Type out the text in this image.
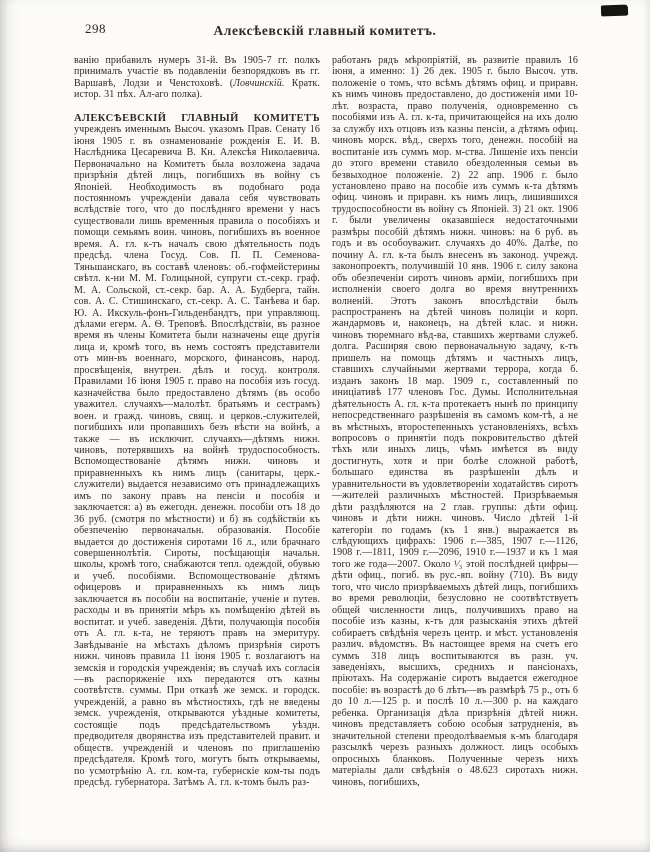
298	Алексѣевскій главный комитетъ.

ванію прибавилъ нумеръ 31-й. Въ 1905-7 гг. полкъ принималъ участіе въ подавленіи безпорядковъ въ гг. Варшавѣ, Лодзи и Ченстоховѣ. (Ловчинскій. Кратк. истор. 31 пѣх. Ал-аго полка).

АЛЕКСѢЕВСКІЙ ГЛАВНЫЙ КОМИТЕТЪ учрежденъ именнымъ Высоч. указомъ Прав. Сенату 16 іюня 1905 г. въ ознаменованіе рожденія Е. И. В. Наслѣдника Цесаревича В. Кн. Алексѣя Николаевича. Первоначально на Комитетъ была возложена задача призрѣнія дѣтей лицъ, погибшихъ въ войну съ Японіей. Необходимость въ подобнаго рода постоянномъ учрежденіи давала себя чувствовать вслѣдствіе того, что до послѣдняго времени у насъ существовали лишь временныя правила о пособіяхъ и помощи семьямъ воин. чиновъ, погибшихъ въ военное время. А. гл. к-тъ началъ свою дѣятельность подъ предсѣд. члена Госуд. Сов. П. П. Семенова-Тяньшанскаго, въ составѣ членовъ: об.-гофмейстерины свѣтл. к-ни М. М. Голицыной, супруги ст.-секр. граф. М. А. Сольской, ст.-секр. бар. А. А. Будберга, тайн. сов. А. С. Стишинскаго, ст.-секр. А. С. Танѣева и бар. Ю. А. Икскуль-фонъ-Гильденбандтъ, при управляющ. дѣлами егерм. А. Ѳ. Треповѣ. Впослѣдствіи, въ разное время въ члены Комитета были назначены еще другія лица и, кромѣ того, въ немъ состоятъ представители отъ мин-въ военнаго, морского, финансовъ, народ. просвѣщенія, внутрен. дѣлъ и госуд. контроля. Правилами 16 іюня 1905 г. право на пособія изъ госуд. казначейства было предоставлено дѣтямъ (въ особо уважител. случаяхъ—малолѣт. братьямъ и сестрамъ) воен. и гражд. чиновъ, свящ. и церков.-служителей, погибшихъ или пропавшихъ безъ вѣсти на войнѣ, а также — въ исключит. случаяхъ—дѣтямъ нижн. чиновъ, потерявшихъ на войнѣ трудоспособность. Вспомоществованіе дѣтямъ нижн. чиновъ и приравненныхъ къ нимъ лицъ (санитары, церк.-служители) выдается независимо отъ принадлежащихъ имъ по закону правъ на пенсіи и пособія и заключается: а) въ ежегодн. денежн. пособіи отъ 18 до 36 руб. (смотря по мѣстности) и б) въ содѣйствіи къ обезпеченію первоначальн. образованія. Пособіе выдается до достиженія сиротами 16 л., или брачнаго совершеннолѣтія. Сироты, посѣщающія начальн. школы, кромѣ того, снабжаются тепл. одеждой, обувью и учеб. пособіями. Вспомоществованіе дѣтямъ офицеровъ и приравненныхъ къ нимъ лицъ заключается въ пособіи на воспитаніе, ученіе и путев. расходы и въ принятіи мѣръ къ помѣщенію дѣтей въ воспитат. и учеб. заведенія. Дѣти, получающія пособія отъ А. гл. к-та, не теряютъ правъ на эмеритуру. Завѣдываніе на мѣстахъ дѣломъ призрѣнія сиротъ нижн. чиновъ правила 11 іюня 1905 г. возлагаютъ на земскія и городскія учрежденія; въ случаѣ ихъ согласія—въ распоряженіе ихъ передаются отъ казны соотвѣтств. суммы. При отказѣ же земск. и городск. учрежденій, а равно въ мѣстностяхъ, гдѣ не введены земск. учрежденія, открываются уѣздные комитеты, состоящіе подъ предсѣдательствомъ уѣздн. предводителя дворянства изъ представителей правит. и обществ. учрежденій и членовъ по приглашенію предсѣдателя. Кромѣ того, могутъ быть открываемы, по усмотрѣнію А. гл. ком-та, губернскіе ком-ты подъ предсѣд. губернатора. Затѣмъ А. гл. к-томъ былъ раз-

работанъ рядъ мѣропріятій, въ развитіе правилъ 16 іюня, а именно: 1) 26 дек. 1905 г. было Высоч. утв. положеніе о томъ, что всѣмъ дѣтямъ офиц. и приравн. къ нимъ чиновъ предоставлено, до достиженія ими 10-лѣт. возраста, право полученія, одновременно съ пособіями изъ А. гл. к-та, причитающейся на ихъ долю за службу ихъ отцовъ изъ казны пенсіи, а дѣтямъ офиц. чиновъ морск. вѣд., сверхъ того, денежн. пособій на воспитаніе изъ суммъ мор. м-ства. Лишеніе ихъ пенсіи до этого времени ставило обездоленныя семьи въ безвыходное положеніе. 2) 22 апр. 1906 г. было установлено право на пособіе изъ суммъ к-та дѣтямъ офиц. чиновъ и приравн. къ нимъ лицъ, лишившихся трудоспособности въ войну съ Японіей. 3) 21 окт. 1906 г. были увеличены оказавшіеся недостаточными размѣры пособій дѣтямъ нижн. чиновъ: на 6 руб. въ годъ и въ особоуважит. случаяхъ до 40%. Далѣе, по почину А. гл. к-та былъ внесенъ въ законод. учрежд. законопроектъ, получившій 10 янв. 1906 г. силу закона объ обезпеченіи сиротъ чиновъ арміи, погибшихъ при исполненіи своего долга во время внутреннихъ волненій. Этотъ законъ впослѣдствіи былъ распространенъ на дѣтей чиновъ полиціи и корп. жандармовъ и, наконецъ, на дѣтей клас. и нижн. чиновъ тюремнаго вѣд-ва, ставшихъ жертвами служеб. долга. Расширяя свою первоначальную задачу, к-тъ пришелъ на помощь дѣтямъ и частныхъ лицъ, ставшихъ случайными жертвами террора, когда б. изданъ законъ 18 мар. 1909 г., составленный по иниціативѣ 177 членовъ Гос. Думы. Исполнительная дѣятельность А. гл. к-та протекаетъ нынѣ по принципу непосредственнаго разрѣшенія въ самомъ ком-тѣ, а не въ мѣстныхъ, второстепенныхъ установленіяхъ, всѣхъ вопросовъ о принятіи подъ покровительство дѣтей тѣхъ или иныхъ лицъ, чѣмъ имѣется въ виду достигнуть, хотя и при болѣе сложной работѣ, большаго единства въ разрѣшеніи дѣлъ и уравнительности въ удовлетвореніи ходатайствъ сиротъ—жителей различныхъ мѣстностей. Призрѣваемыя дѣти раздѣляются на 2 глав. группы: дѣти офиц. чиновъ и дѣти нижн. чиновъ. Число дѣтей 1-й категоріи по годамъ (къ 1 янв.) выражается въ слѣдующихъ цифрахъ: 1906 г.—385, 1907 г.—1126, 1908 г.—1811, 1909 г.—2096, 1910 г.—1937 и къ 1 мая того же года—2007. Около ¹⁄₃ этой послѣдней цифры—дѣти офиц., погиб. въ рус.-яп. войну (710). Въ виду того, что число призрѣваемыхъ дѣтей лицъ, погибшихъ во время революціи, безусловно не соотвѣтствуетъ общей численности лицъ, получившихъ право на пособіе изъ казны, к-тъ для разысканія этихъ дѣтей собираетъ свѣдѣнія черезъ центр. и мѣст. установленія различ. вѣдомствъ. Въ настоящее время на счетъ его суммъ 318 лицъ воспитываются въ разн. уч. заведеніяхъ, высшихъ, среднихъ и пансіонахъ, пріютахъ. На содержаніе сиротъ выдается ежегодное пособіе: въ возрастѣ до 6 лѣтъ—въ размѣрѣ 75 р., отъ 6 до 10 л.—125 р. и послѣ 10 л.—300 р. на каждаго ребенка. Организація дѣла призрѣнія дѣтей нижн. чиновъ представляетъ собою особыя затрудненія, въ значительной степени преодолѣваемыя к-мъ благодаря разсылкѣ черезъ разныхъ должност. лицъ особыхъ опросныхъ бланковъ. Полученные черезъ нихъ матеріалы дали свѣдѣнія о 48.623 сиротахъ нижн. чиновъ, погибшихъ,
